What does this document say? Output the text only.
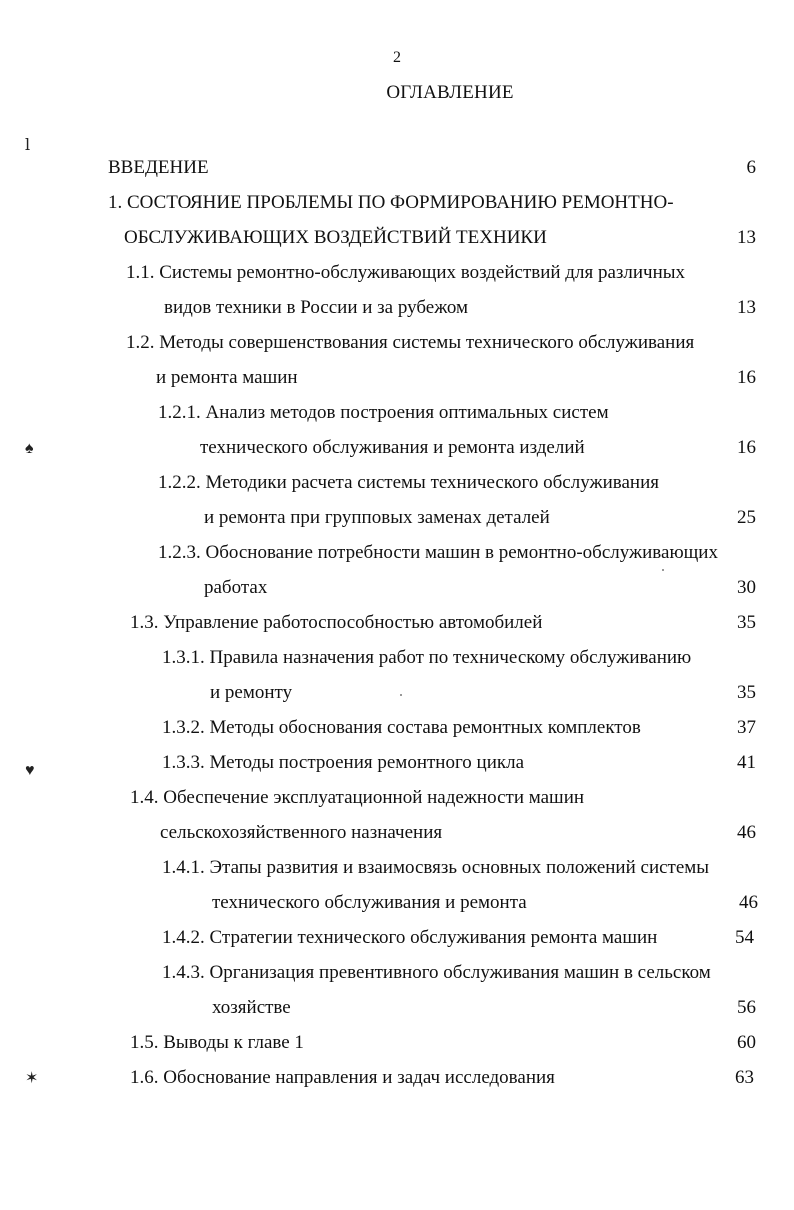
2
ОГЛАВЛЕНИЕ
ⅼ
♠
♥
✶
ВВЕДЕНИЕ	6
1. СОСТОЯНИЕ ПРОБЛЕМЫ ПО ФОРМИРОВАНИЮ РЕМОНТНО-
ОБСЛУЖИВАЮЩИХ ВОЗДЕЙСТВИЙ ТЕХНИКИ	13
1.1. Системы ремонтно-обслуживающих воздействий для различных
видов техники в России и за рубежом	13
1.2. Методы совершенствования системы технического обслуживания
и ремонта машин	16
1.2.1. Анализ методов построения оптимальных систем
технического обслуживания и ремонта изделий	16
1.2.2. Методики расчета системы технического обслуживания
и ремонта при групповых заменах деталей	25
1.2.3. Обоснование потребности машин в ремонтно-обслуживающих
работах	30
1.3. Управление работоспособностью автомобилей	35
1.3.1. Правила назначения работ по техническому обслуживанию
и ремонту	35
1.3.2. Методы обоснования состава ремонтных комплектов	37
1.3.3. Методы построения ремонтного цикла	41
1.4. Обеспечение эксплуатационной надежности машин
сельскохозяйственного назначения	46
1.4.1. Этапы развития и взаимосвязь основных положений системы
технического обслуживания и ремонта	46
1.4.2. Стратегии технического обслуживания ремонта машин	54
1.4.3. Организация превентивного обслуживания машин в сельском
хозяйстве	56
1.5. Выводы к главе 1	60
1.6. Обоснование направления и задач исследования	63
